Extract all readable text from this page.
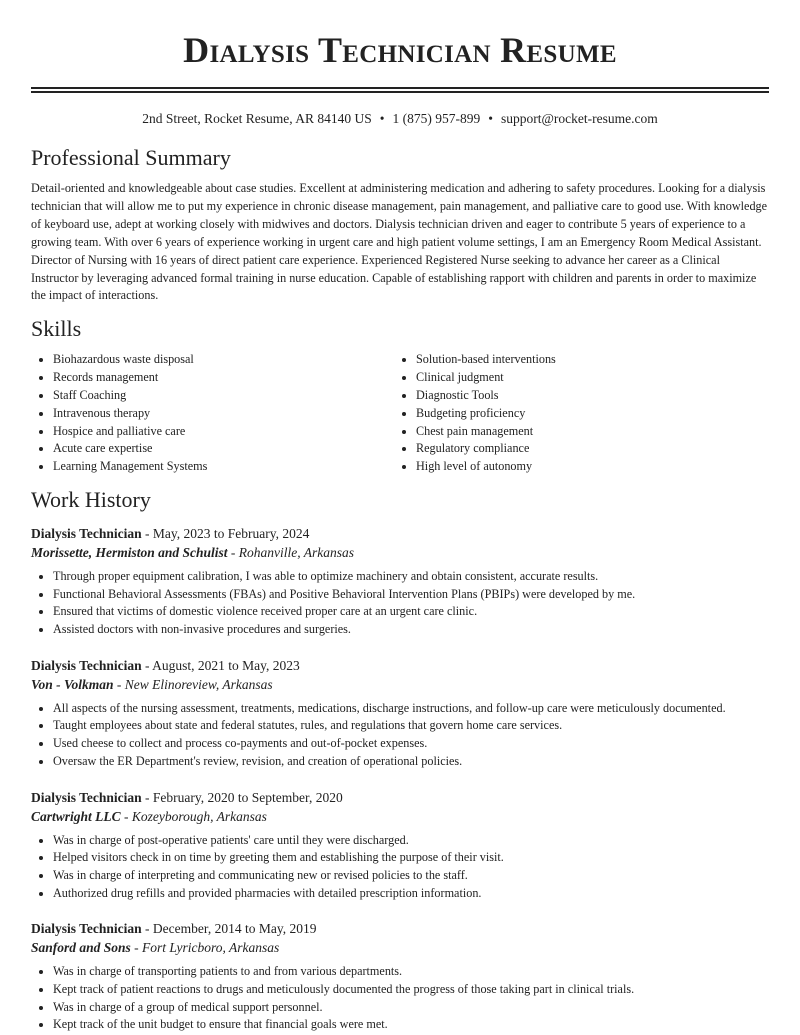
Dialysis Technician Resume
2nd Street, Rocket Resume, AR 84140 US • 1 (875) 957-899 • support@rocket-resume.com
Professional Summary

Detail-oriented and knowledgeable about case studies. Excellent at administering medication and adhering to safety procedures. Looking for a dialysis technician that will allow me to put my experience in chronic disease management, pain management, and palliative care to good use. With knowledge of keyboard use, adept at working closely with midwives and doctors. Dialysis technician driven and eager to contribute 5 years of experience to a growing team. With over 6 years of experience working in urgent care and high patient volume settings, I am an Emergency Room Medical Assistant. Director of Nursing with 16 years of direct patient care experience. Experienced Registered Nurse seeking to advance her career as a Clinical Instructor by leveraging advanced formal training in nurse education. Capable of establishing rapport with children and parents in order to maximize the impact of interactions.

Skills
• Biohazardous waste disposal
• Records management
• Staff Coaching
• Intravenous therapy
• Hospice and palliative care
• Acute care expertise
• Learning Management Systems
• Solution-based interventions
• Clinical judgment
• Diagnostic Tools
• Budgeting proficiency
• Chest pain management
• Regulatory compliance
• High level of autonomy
Work History
Dialysis Technician - May, 2023 to February, 2024
Morissette, Hermiston and Schulist - Rohanville, Arkansas
• Through proper equipment calibration, I was able to optimize machinery and obtain consistent, accurate results.
• Functional Behavioral Assessments (FBAs) and Positive Behavioral Intervention Plans (PBIPs) were developed by me.
• Ensured that victims of domestic violence received proper care at an urgent care clinic.
• Assisted doctors with non-invasive procedures and surgeries.
Dialysis Technician - August, 2021 to May, 2023
Von - Volkman - New Elinoreview, Arkansas
• All aspects of the nursing assessment, treatments, medications, discharge instructions, and follow-up care were meticulously documented.
• Taught employees about state and federal statutes, rules, and regulations that govern home care services.
• Used cheese to collect and process co-payments and out-of-pocket expenses.
• Oversaw the ER Department's review, revision, and creation of operational policies.
Dialysis Technician - February, 2020 to September, 2020
Cartwright LLC - Kozeyborough, Arkansas
• Was in charge of post-operative patients' care until they were discharged.
• Helped visitors check in on time by greeting them and establishing the purpose of their visit.
• Was in charge of interpreting and communicating new or revised policies to the staff.
• Authorized drug refills and provided pharmacies with detailed prescription information.
Dialysis Technician - December, 2014 to May, 2019
Sanford and Sons - Fort Lyricboro, Arkansas
• Was in charge of transporting patients to and from various departments.
• Kept track of patient reactions to drugs and meticulously documented the progress of those taking part in clinical trials.
• Was in charge of a group of medical support personnel.
• Kept track of the unit budget to ensure that financial goals were met.
